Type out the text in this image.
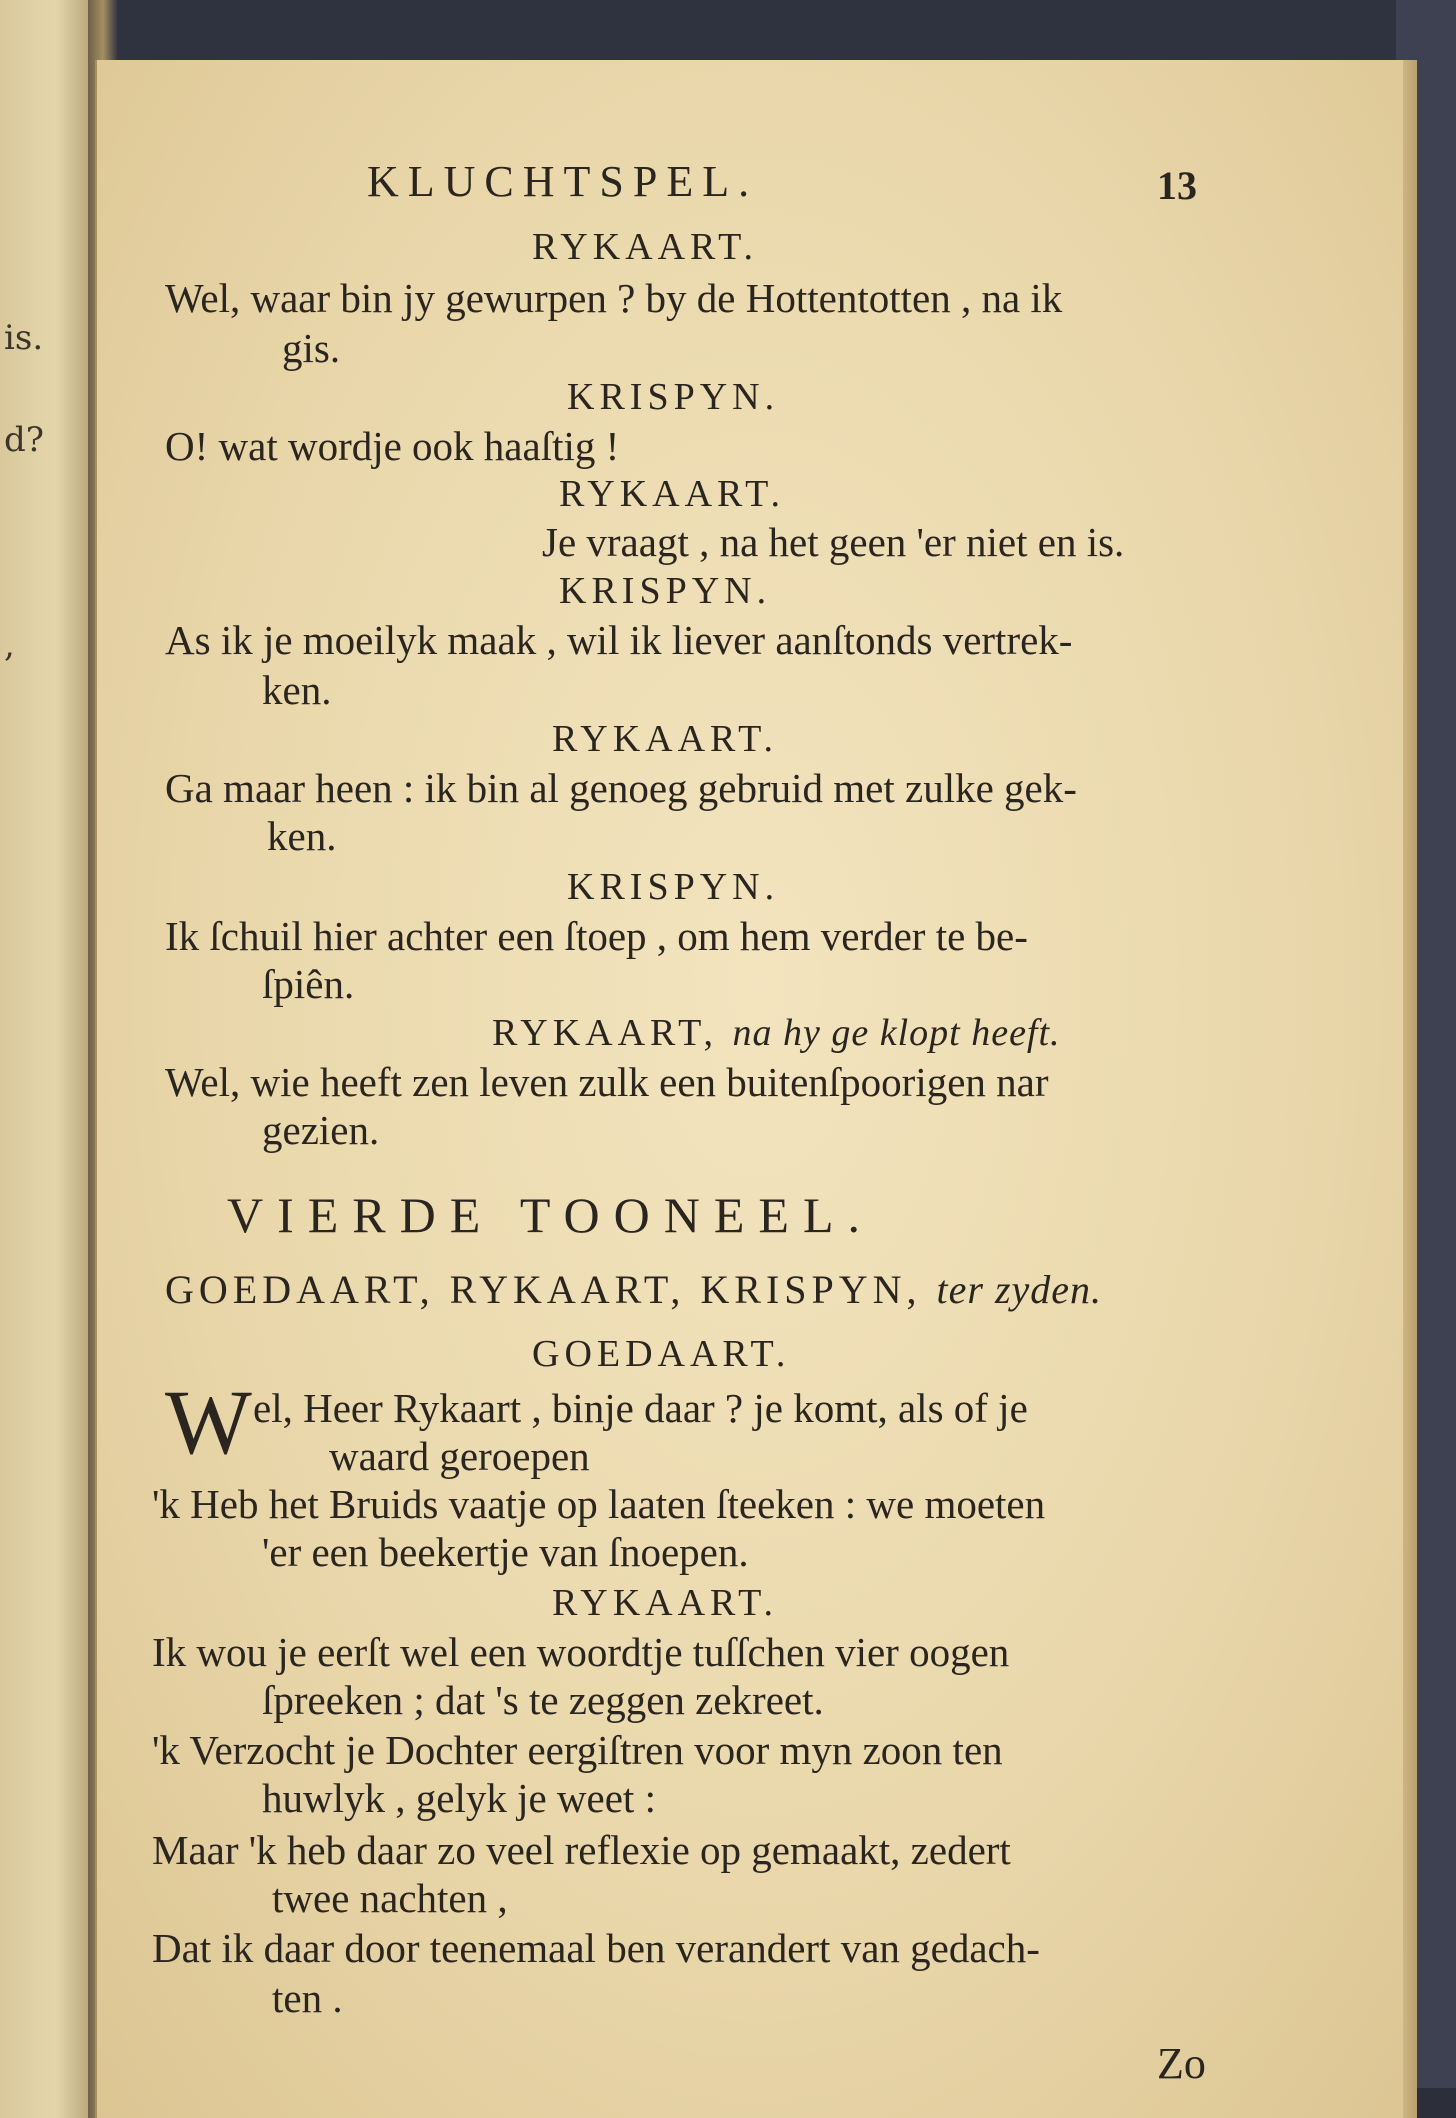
is.
d?
,
KLUCHTSPEL.	13
RYKAART.
Wel, waar bin jy gewurpen ? by de Hottentotten , na ik
gis.
KRISPYN.
O! wat wordje ook haaſtig !
RYKAART.
Je vraagt , na het geen 'er niet en is.
KRISPYN.
As ik je moeilyk maak , wil ik liever aanſtonds vertrek-
ken.
RYKAART.
Ga maar heen : ik bin al genoeg gebruid met zulke gek-
ken.
KRISPYN.
Ik ſchuil hier achter een ſtoep , om hem verder te be-
ſpiên.
RYKAART, na hy ge klopt heeft.
Wel, wie heeft zen leven zulk een buitenſpoorigen nar
gezien.
VIERDE TOONEEL.
GOEDAART, RYKAART, KRISPYN, ter zyden.
GOEDAART.
W el, Heer Rykaart , binje daar ? je komt, als of je
waard geroepen
'k Heb het Bruids vaatje op laaten ſteeken : we moeten
'er een beekertje van ſnoepen.
RYKAART.
Ik wou je eerſt wel een woordtje tuſſchen vier oogen
ſpreeken ; dat 's te zeggen zekreet.
'k Verzocht je Dochter eergiſtren voor myn zoon ten
huwlyk , gelyk je weet :
Maar 'k heb daar zo veel reflexie op gemaakt, zedert
twee nachten ,
Dat ik daar door teenemaal ben verandert van gedach-
ten .
Zo
